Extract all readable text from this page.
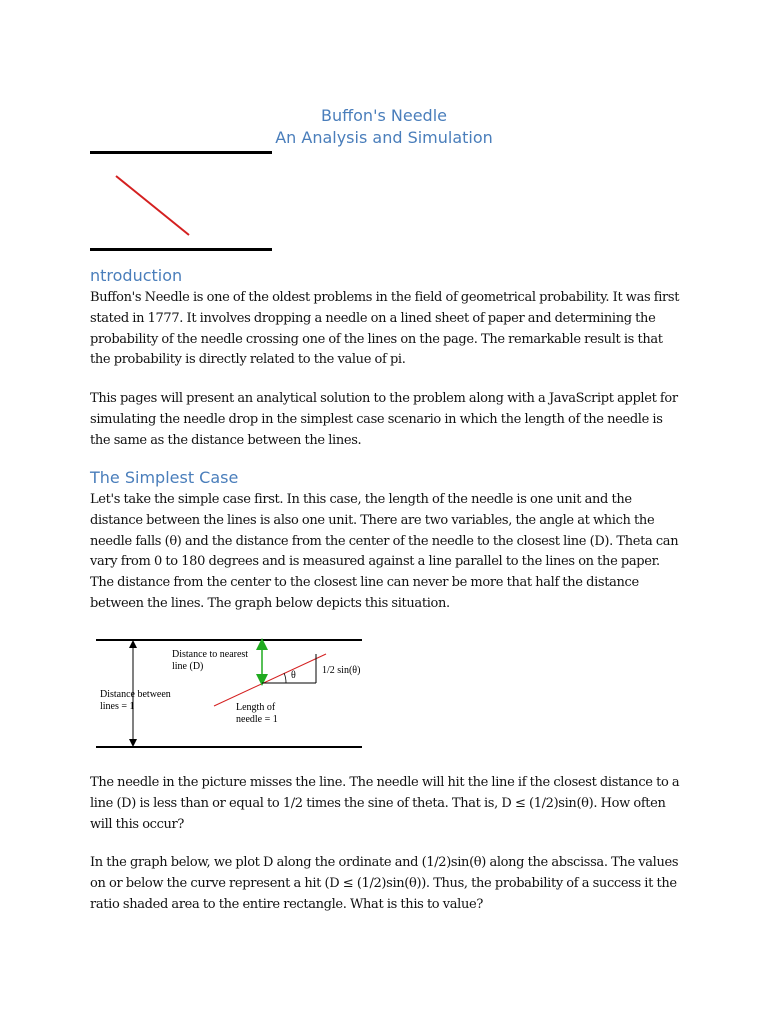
Buffon's Needle
An Analysis and Simulation
ntroduction

Buffon's Needle is one of the oldest problems in the field of geometrical probability. It was first stated in 1777. It involves dropping a needle on a lined sheet of paper and determining the probability of the needle crossing one of the lines on the page. The remarkable result is that the probability is directly related to the value of pi.

This pages will present an analytical solution to the problem along with a JavaScript applet for simulating the needle drop in the simplest case scenario in which the length of the needle is the same as the distance between the lines.

The Simplest Case

Let's take the simple case first. In this case, the length of the needle is one unit and the distance between the lines is also one unit. There are two variables, the angle at which the needle falls (θ) and the distance from the center of the needle to the closest line (D). Theta can vary from 0 to 180 degrees and is measured against a line parallel to the lines on the paper. The distance from the center to the closest line can never be more that half the distance between the lines. The graph below depicts this situation.

Distance to nearest
line (D)	1/2 sin(θ)
θ
Distance between
lines = 1	Length of
needle = 1

The needle in the picture misses the line. The needle will hit the line if the closest distance to a line (D) is less than or equal to 1/2 times the sine of theta. That is, D ≤ (1/2)sin(θ). How often will this occur?

In the graph below, we plot D along the ordinate and (1/2)sin(θ) along the abscissa. The values on or below the curve represent a hit (D ≤ (1/2)sin(θ)). Thus, the probability of a success it the ratio shaded area to the entire rectangle. What is this to value?
